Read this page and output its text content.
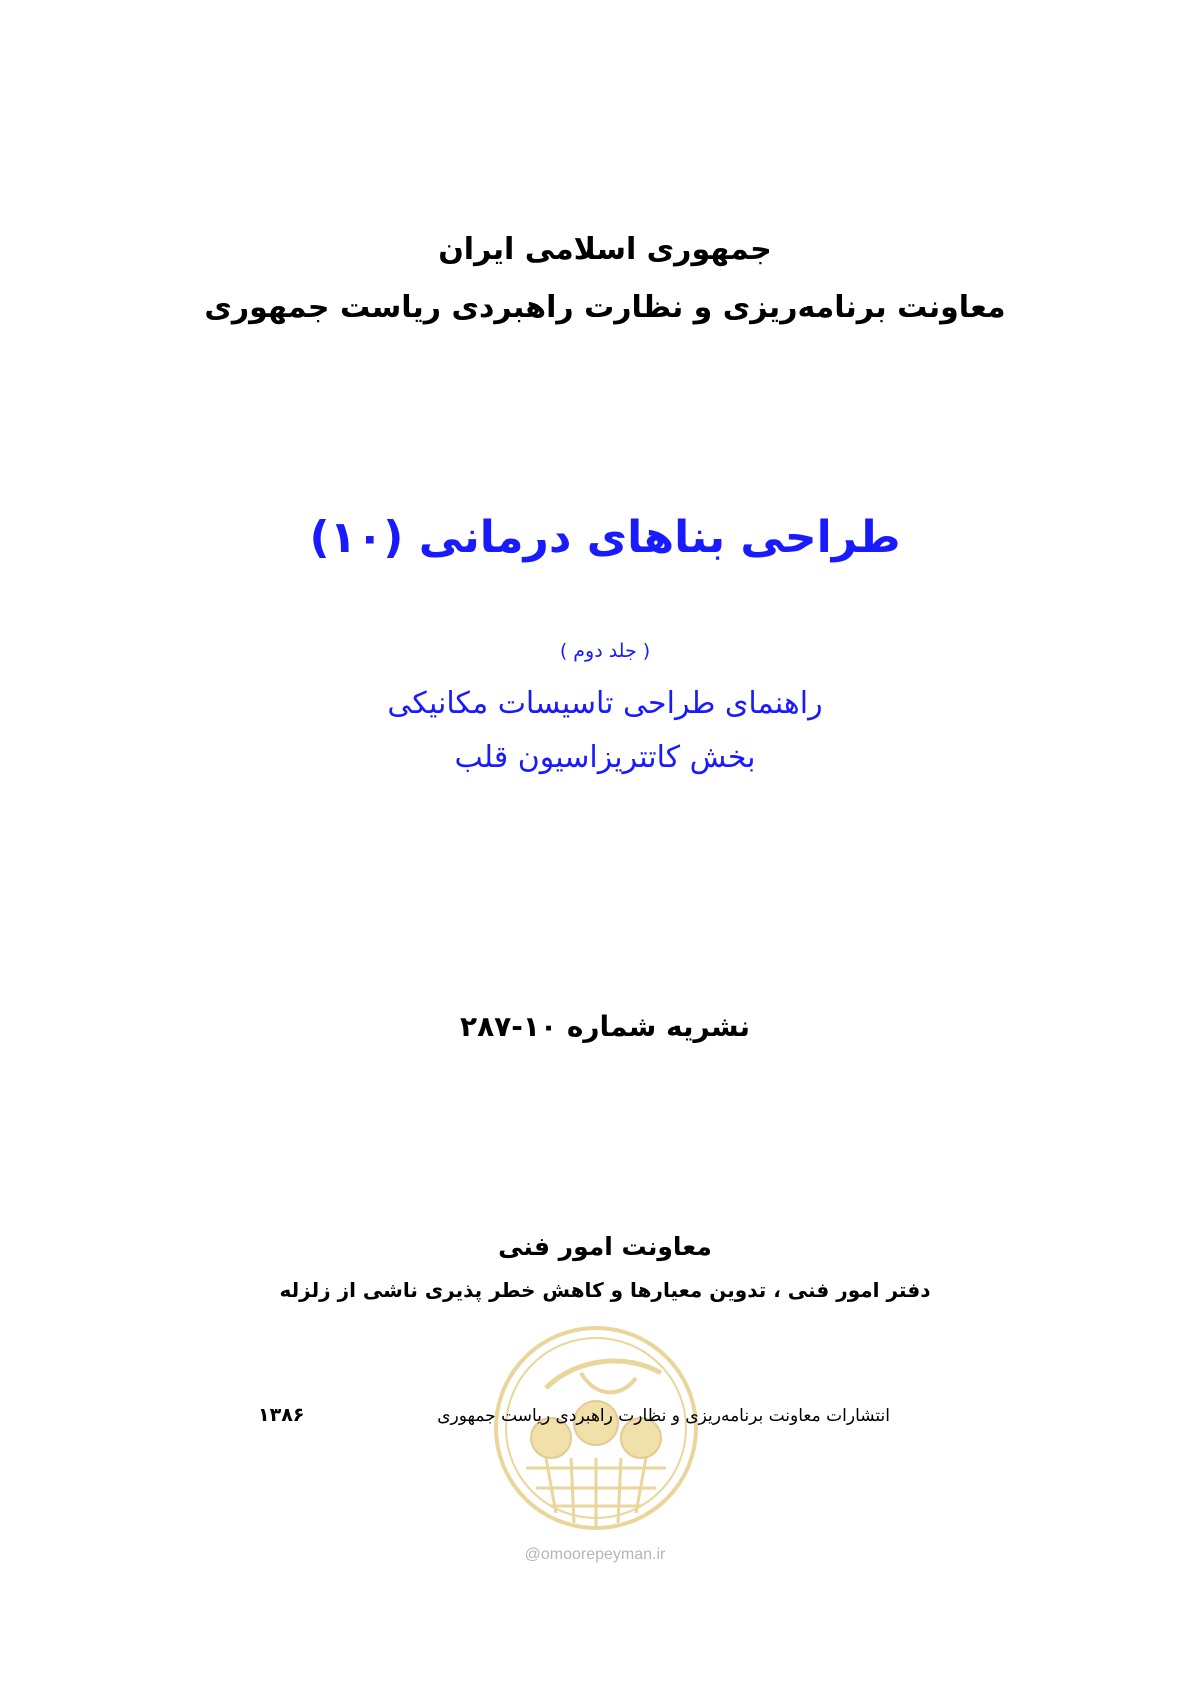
جمهوری اسلامی ایران
معاونت برنامه‌ریزی و نظارت راهبردی ریاست جمهوری
طراحی بناهای درمانی (۱۰)
( جلد دوم )
راهنمای طراحی تاسیسات مکانیکی
بخش کاتتریزاسیون قلب
نشریه شماره ۱۰-۲۸۷
معاونت امور فنی
دفتر امور فنی ، تدوین معیارها و کاهش خطر پذیری ناشی از زلزله
انتشارات معاونت برنامه‌ریزی و نظارت راهبردی ریاست جمهوری
۱۳۸۶
@omoorepeyman.ir
